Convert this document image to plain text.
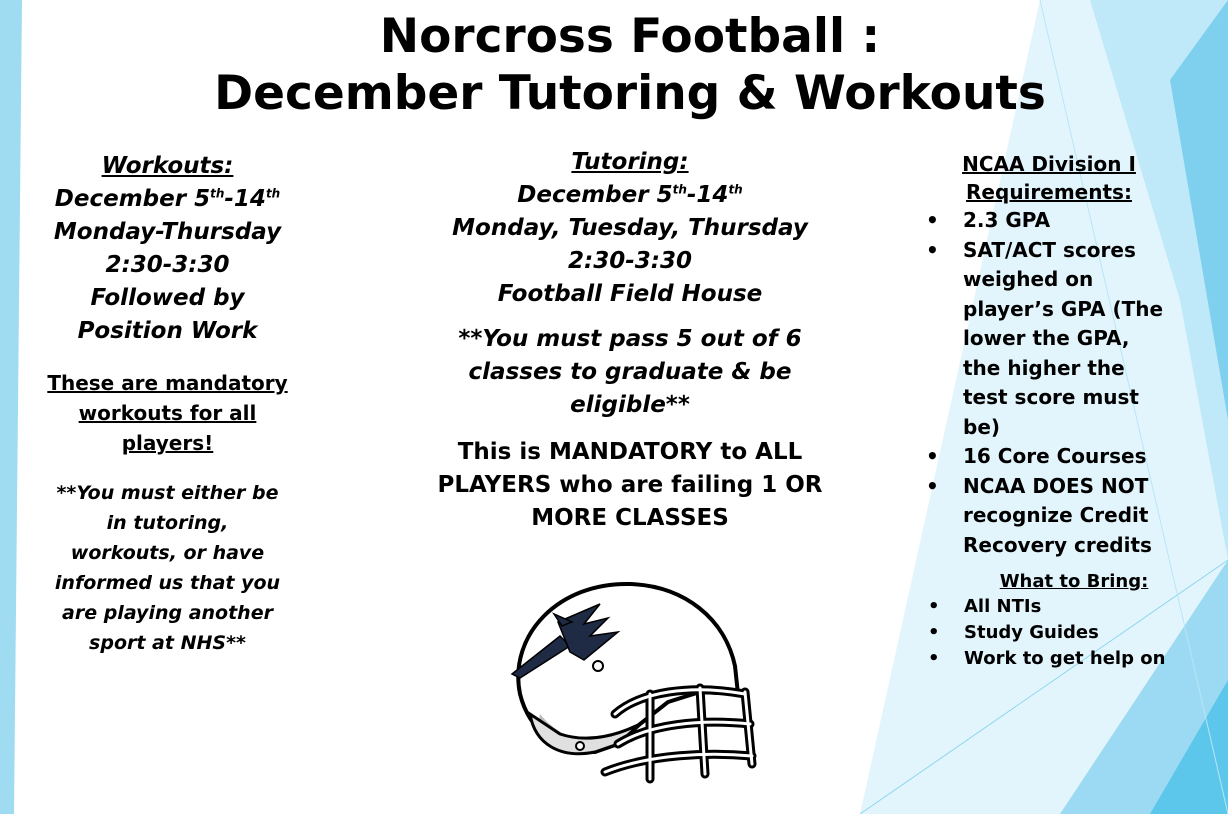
Norcross Football :
December Tutoring & Workouts
Workouts:
December 5th-14th
Monday-Thursday
2:30-3:30
Followed by
Position Work
These are mandatory
workouts for all
players!
**You must either be
in tutoring,
workouts, or have
informed us that you
are playing another
sport at NHS**
Tutoring:
December 5th-14th
Monday, Tuesday, Thursday
2:30-3:30
Football Field House
**You must pass 5 out of 6
classes to graduate & be
eligible**
This is MANDATORY to ALL
PLAYERS who are failing 1 OR
MORE CLASSES
NCAA Division I
Requirements:
• 2.3 GPA
• SAT/ACT scores
weighed on
player’s GPA (The
lower the GPA,
the higher the
test score must
be)
• 16 Core Courses
• NCAA DOES NOT
recognize Credit
Recovery credits
What to Bring:
• All NTIs
• Study Guides
• Work to get help on
